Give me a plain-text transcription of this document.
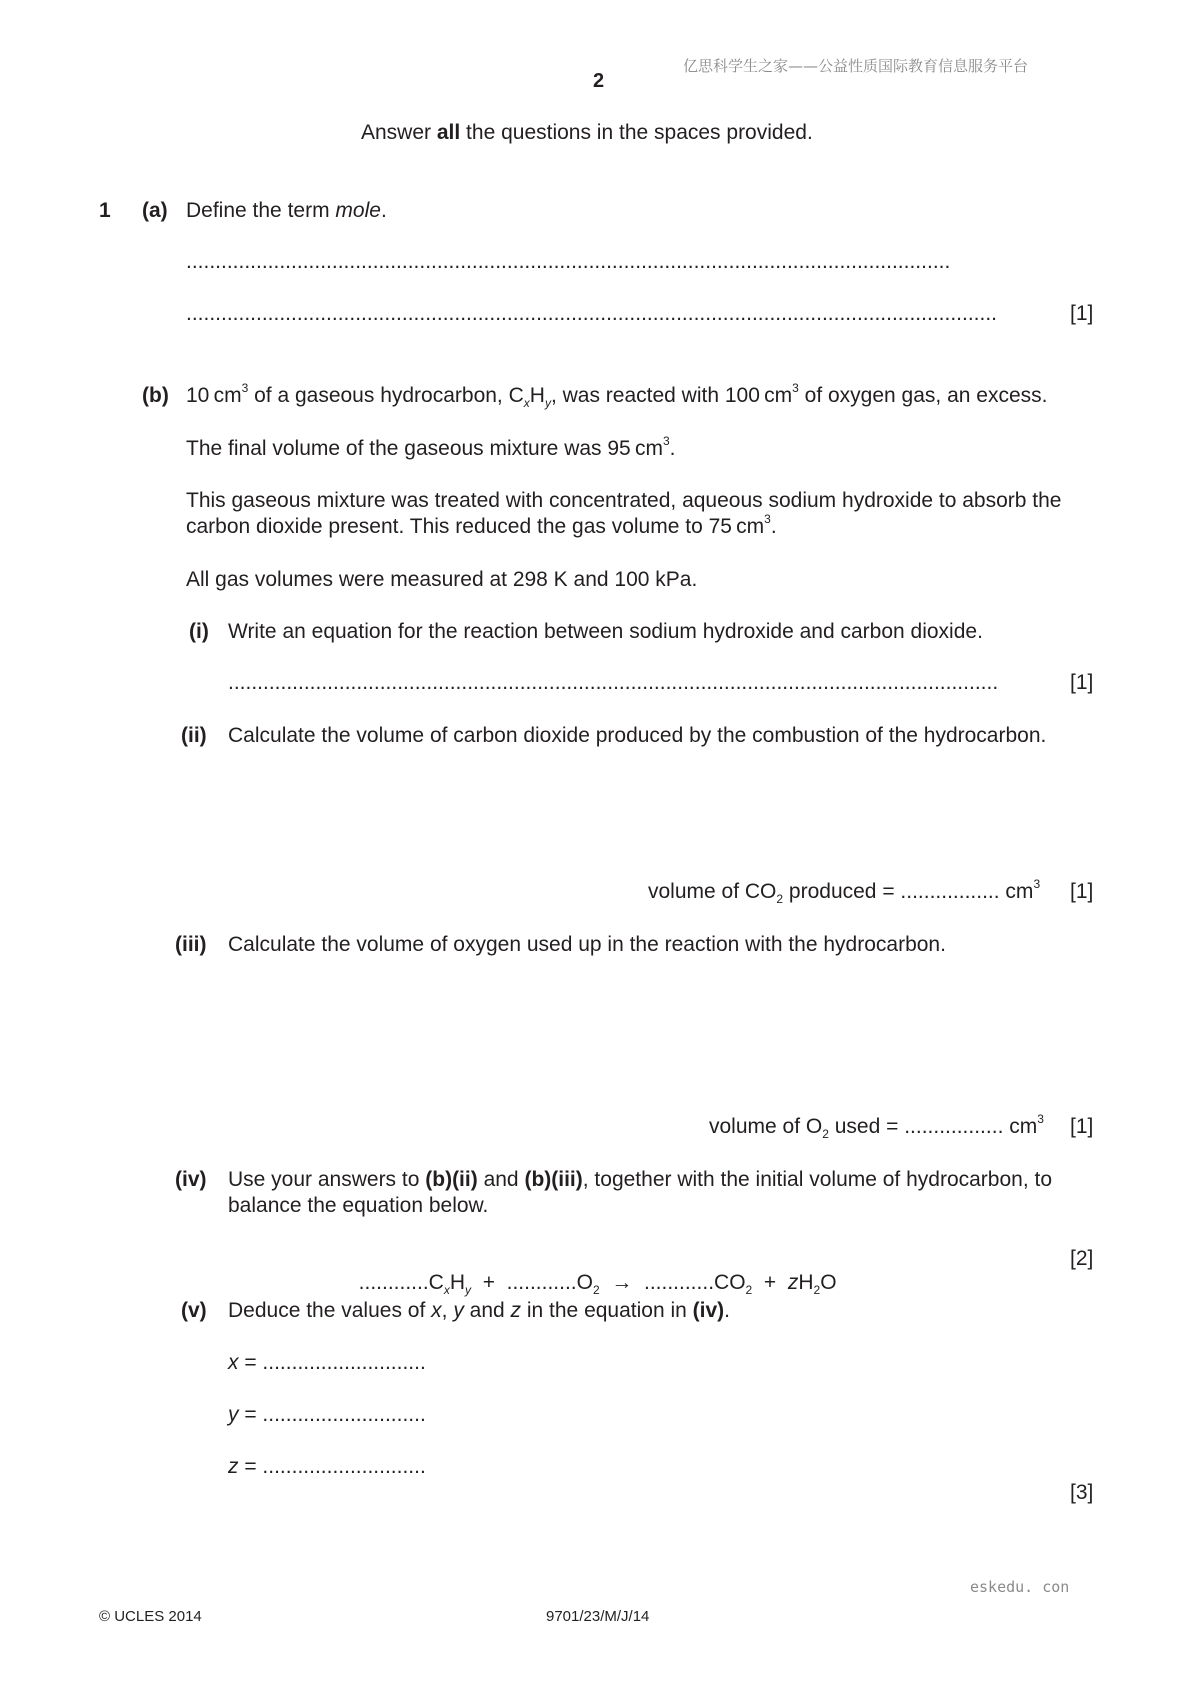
亿思科学生之家——公益性质国际教育信息服务平台
2
Answer all the questions in the spaces provided.
1 (a) Define the term mole.
...................................................................................................................................
...........................................................................................................................................	[1]
(b) 10  $cm^3$ of a gaseous hydrocarbon, $C_xH_y$, was reacted with 100  $cm^3$ of oxygen gas, an excess.
The final volume of the gaseous mixture was 95  $cm^3$.
This gaseous mixture was treated with concentrated, aqueous sodium hydroxide to absorb the
carbon dioxide present. This reduced the gas volume to 75  $cm^3$.
All gas volumes were measured at 298 K and 100 kPa.
(i) Write an equation for the reaction between sodium hydroxide and carbon dioxide.
....................................................................................................................................	[1]
(ii) Calculate the volume of carbon dioxide produced by the combustion of the hydrocarbon.
volume of $CO_2$ produced = ................. $cm^3$ [1]
(iii) Calculate the volume of oxygen used up in the reaction with the hydrocarbon.
volume of $O_2$ used = ................. $cm^3$ [1]
(iv) Use your answers to (b)(ii) and (b)(iii), together with the initial volume of hydrocarbon, to
balance the equation below.

$............C_xH_y + ............O_2 \to ............CO_2 + zH_2O$

[2]
(v) Deduce the values of x, y and z in the equation in (iv).
x = ............................
y = ............................
z = ............................
[3]
eskedu. con
© UCLES 2014	9701/23/M/J/14
